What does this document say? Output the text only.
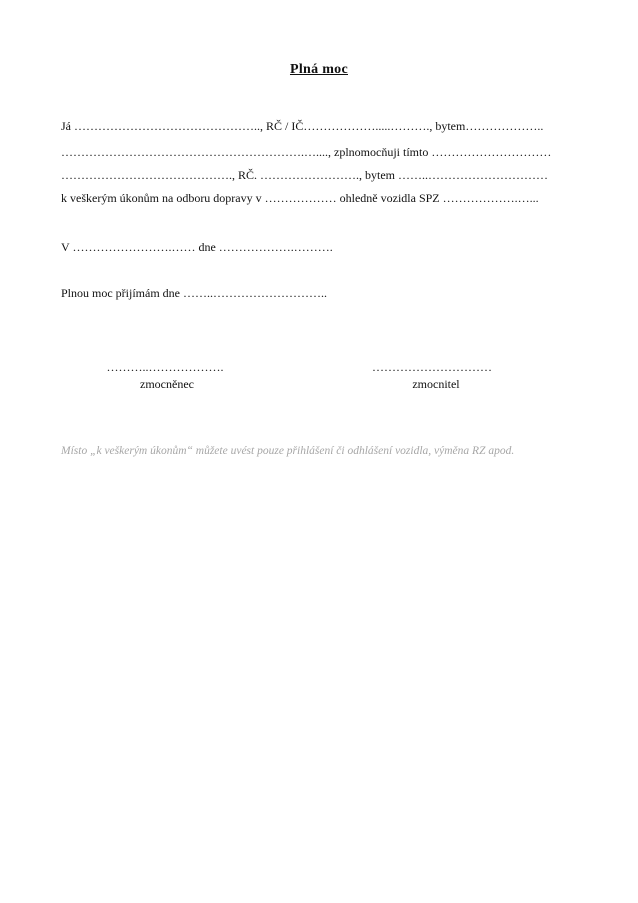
Plná moc
Já ……………………………………….., RČ / IČ……………….....………., bytem………………..
…………………………………………………….…...., zplnomocňuji tímto …………………………
……………………………………., RČ. ……………………., bytem ……..…………………………
k veškerým úkonům na odboru dopravy v ……………… ohledně vozidla SPZ ……………….…...
V …………………….…… dne ……………….……….
Plnou moc přijímám dne ……..………………………..
………..……………….
zmocněnec
…………………………
zmocnitel
Místo „k veškerým úkonům“ můžete uvést pouze přihlášení či odhlášení vozidla, výměna RZ apod.
